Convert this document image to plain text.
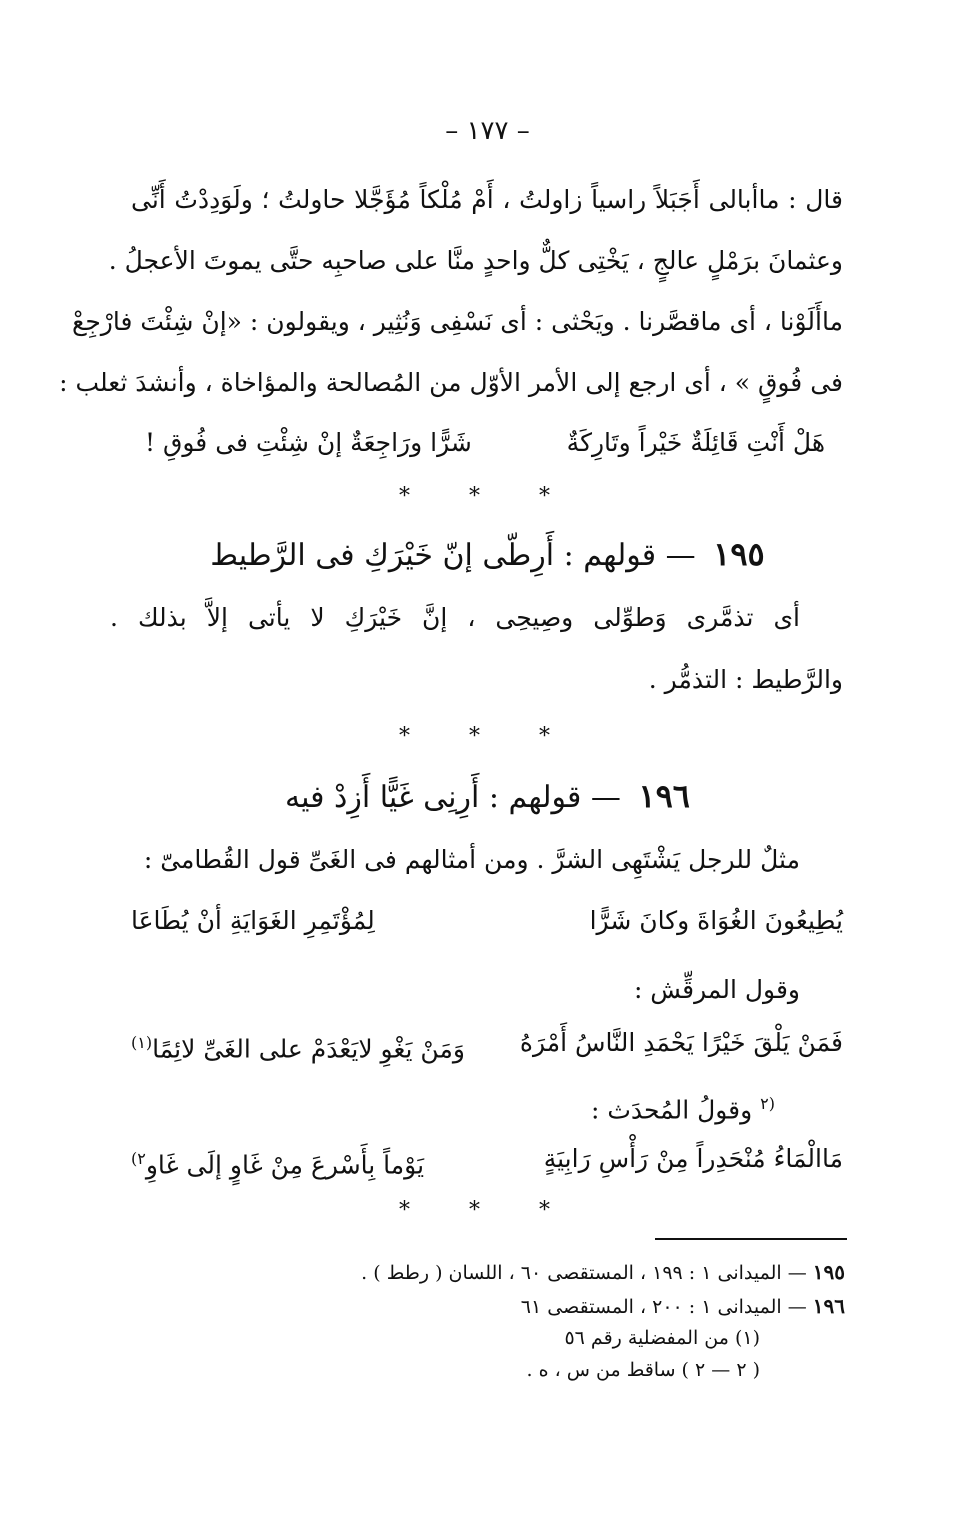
– ١٧٧ –
قال : ماأبالى أَجَبَلاً راسياً زاولتُ ، أَمْ مُلْكاً مُؤَجَّلا حاولتُ ؛ ولَوَدِدْتُ أَنِّى
وعثمانَ برَمْلٍ عالجٍ ، يَخْتِى كلٌّ واحدٍ منَّا على صاحبِه حتَّى يموتَ الأعجلُ .
ماأَلَوْنا ، أى ماقصَّرنا . ويَحْثى : أى نَسْفِى وَنُثِير ، ويقولون : «إنْ شِئْتَ فارْجِعْ
فى فُوقٍ » ، أى ارجع إلى الأمر الأوّل من المُصالحة والمؤاخاة ، وأنشدَ ثعلب :
هَلْ أَنْتِ قَائِلَةٌ خَيْراً وتَارِكَةٌ
شَرًّا ورَاجِعَةٌ إنْ شِئْتِ فى فُوقِ !
* * *
١٩٥ — قولهم : أَرِطّى إنّ خَيْرَكِ فى الرَّطيط
أى تذمَّرى وَطوِّلى وصِيحِى ، إنَّ خَيْرَكِ لا يأتى إلاَّ بذلك .
والرَّطيط : التذمُّر .
* * *
١٩٦ — قولهم : أَرِنِى غَيًّا أَزِدْ فيه
مثلٌ للرجل يَشْتَهِى الشرَّ . ومن أمثالهم فى الغَىِّ قول القُطامىّ :
يُطِيعُونَ الغُوَاةَ وكانَ شَرًّا
لِمُؤْتَمِرِ الغَوَايَةِ أنْ يُطَاعَا
وقول المرقِّش :
فَمَنْ يَلْقَ خَيْرًا يَحْمَدِ النَّاسُ أَمْرَهُ
وَمَنْ يَغْوِ لايَعْدَمْ على الغَىِّ لائِمًا$^{(١)}$
$^{(٢}$ وقولُ المُحدَث :
مَاالْمَاءُ مُنْحَدِراً مِنْ رَأْسِ رَابِيَةٍ
يَوْماً بِأَسْرعَ مِنْ غَاوٍ إلَى غَاوِ$^{٢)}$
* * *
١٩٥ — الميدانى ١ : ١٩٩ ، المستقصى ٦٠ ، اللسان ( رطط ) .
١٩٦ — الميدانى ١ : ٢٠٠ ، المستقصى ٦١
(١) من المفضلية رقم ٥٦
( ٢ — ٢ ) ساقط من س ، ه .
